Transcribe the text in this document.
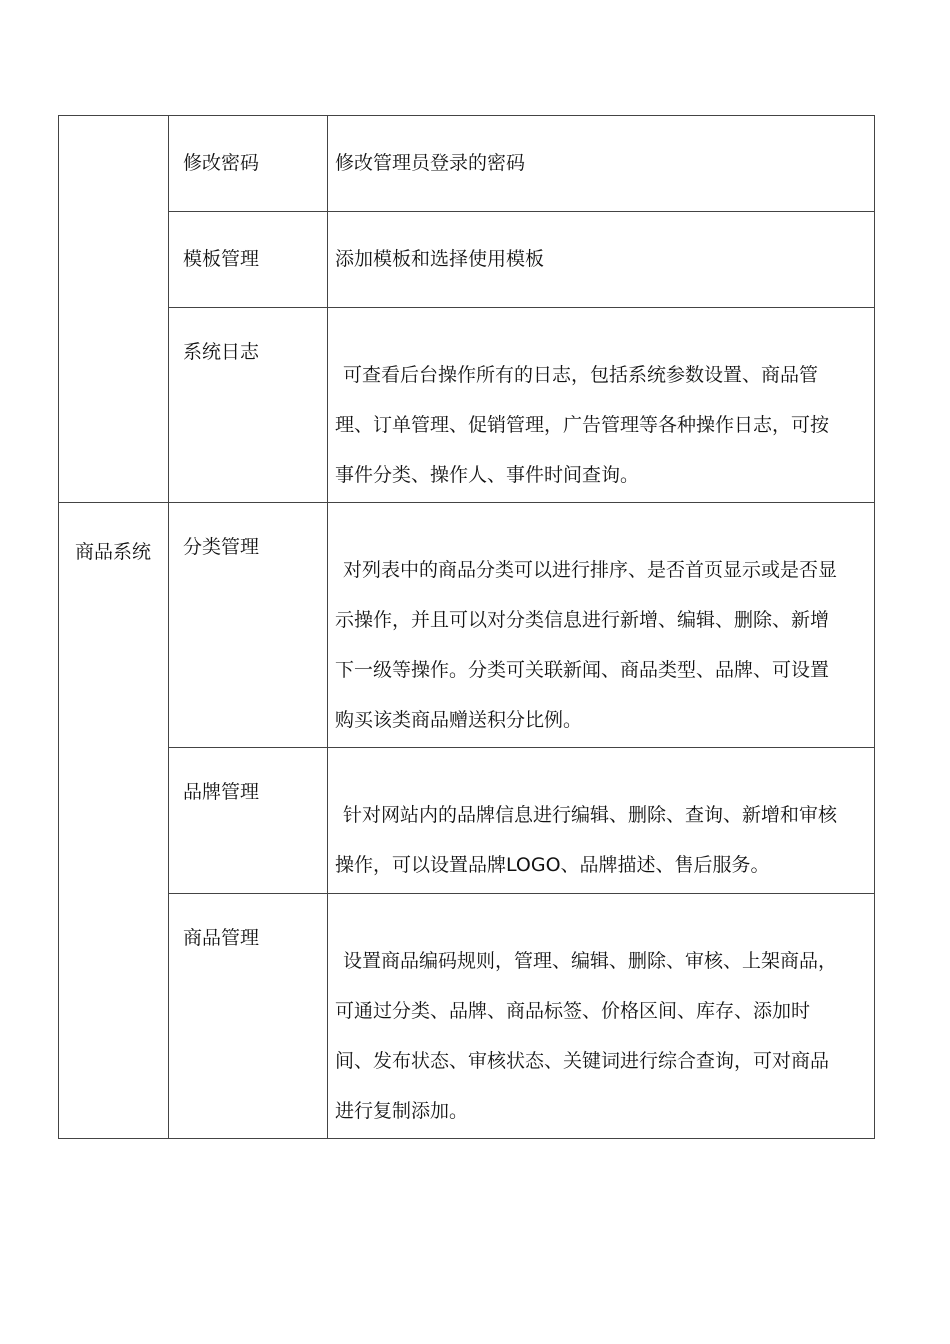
	修改密码	修改管理员登录的密码

	模板管理	添加模板和选择使用模板

	系统日志	可查看后台操作所有的日志，包括系统参数设置、商品管
理、订单管理、促销管理，广告管理等各种操作日志，可按
事件分类、操作人、事件时间查询。

商品系统	分类管理	对列表中的商品分类可以进行排序、是否首页显示或是否显
示操作，并且可以对分类信息进行新增、编辑、删除、新增
下一级等操作。分类可关联新闻、商品类型、品牌、可设置
购买该类商品赠送积分比例。

	品牌管理	针对网站内的品牌信息进行编辑、删除、查询、新增和审核
操作，可以设置品牌LOGO、品牌描述、售后服务。

	商品管理	设置商品编码规则，管理、编辑、删除、审核、上架商品，
可通过分类、品牌、商品标签、价格区间、库存、添加时
间、发布状态、审核状态、关键词进行综合查询，可对商品
进行复制添加。
